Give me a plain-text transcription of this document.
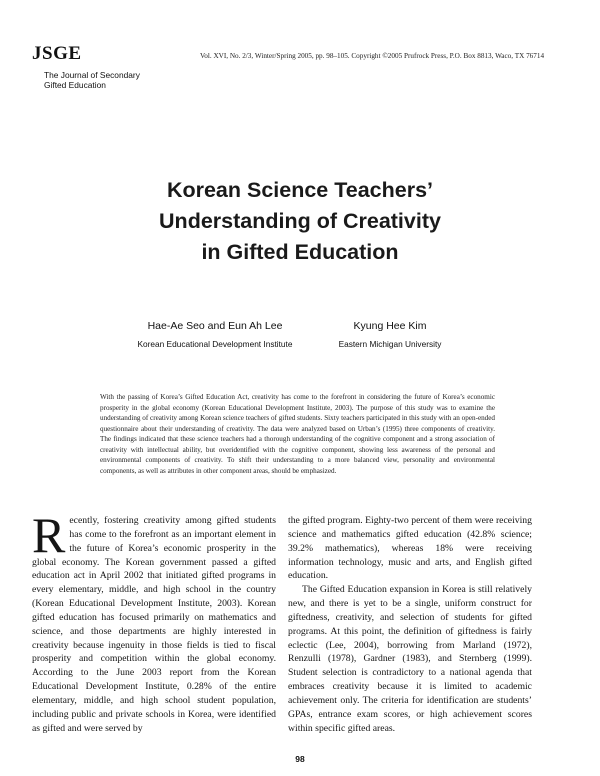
JSGE
The Journal of Secondary
Gifted Education
Vol. XVI, No. 2/3, Winter/Spring 2005, pp. 98–105. Copyright ©2005 Prufrock Press, P.O. Box 8813, Waco, TX 76714
Korean Science Teachers’
Understanding of Creativity
in Gifted Education
Hae-Ae Seo and Eun Ah Lee
Korean Educational Development Institute
Kyung Hee Kim
Eastern Michigan University
With the passing of Korea’s Gifted Education Act, creativity has come to the forefront in considering the future of Korea’s economic prosperity in the global economy (Korean Educational Development Institute, 2003). The purpose of this study was to examine the understanding of creativity among Korean science teachers of gifted students. Sixty teachers participated in this study with an open-ended questionnaire about their understanding of creativity. The data were analyzed based on Urban’s (1995) three components of creativity. The findings indicated that these science teachers had a thorough understanding of the cognitive component and a strong association of creativity with intellectual ability, but overidentified with the cognitive component, showing less awareness of the personal and environmental components of creativity. To shift their understanding to a more balanced view, personality and environmental components, as well as attributes in other component areas, should be emphasized.
R ecently, fostering creativity among gifted students has come to the forefront as an important element in the future of Korea’s economic prosperity in the global economy. The Korean government passed a gifted education act in April 2002 that initiated gifted programs in every elementary, middle, and high school in the country (Korean Educational Development Institute, 2003). Korean gifted education has focused primarily on mathematics and science, and those departments are highly interested in creativity because ingenuity in those fields is tied to fiscal prosperity and competition within the global economy. According to the June 2003 report from the Korean Educational Development Institute, 0.28% of the entire elementary, middle, and high school student population, including public and private schools in Korea, were identified as gifted and were served by

the gifted program. Eighty-two percent of them were receiving science and mathematics gifted education (42.8% science; 39.2% mathematics), whereas 18% were receiving information technology, music and arts, and English gifted education.

The Gifted Education expansion in Korea is still relatively new, and there is yet to be a single, uniform construct for giftedness, creativity, and selection of students for gifted programs. At this point, the definition of giftedness is fairly eclectic (Lee, 2004), borrowing from Marland (1972), Renzulli (1978), Gardner (1983), and Sternberg (1999). Student selection is contradictory to a national agenda that embraces creativity because it is limited to academic achievement only. The criteria for identification are students’ GPAs, entrance exam scores, or high achievement scores within specific gifted areas.

98
